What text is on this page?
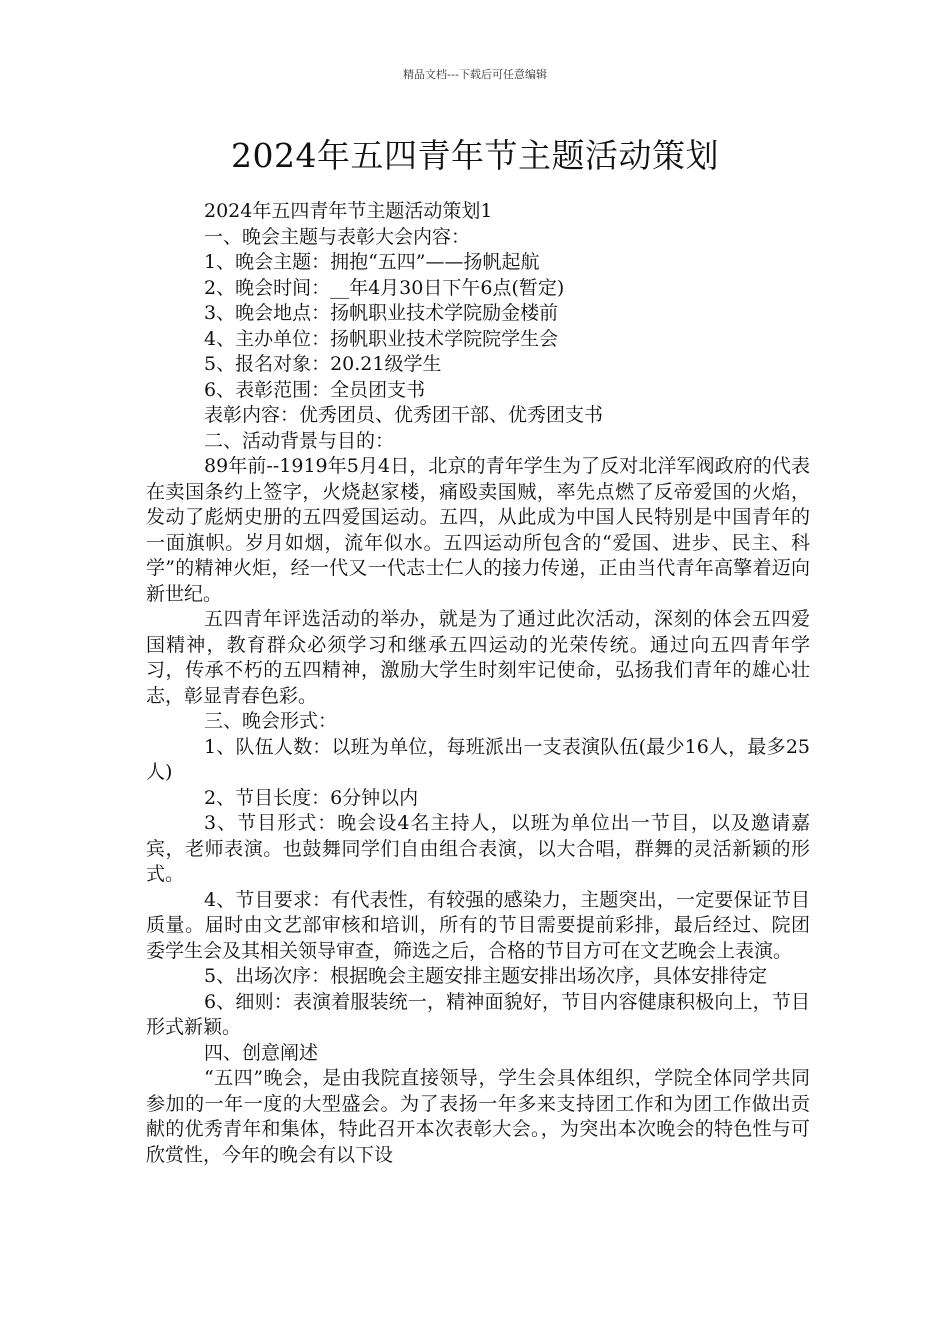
精品文档---下载后可任意编辑
2024年五四青年节主题活动策划

2024年五四青年节主题活动策划1

一、晚会主题与表彰大会内容：

1、晚会主题：拥抱“五四”——扬帆起航

2、晚会时间：__年4月30日下午6点(暂定)

3、晚会地点：扬帆职业技术学院励金楼前

4、主办单位：扬帆职业技术学院院学生会

5、报名对象：20.21级学生

6、表彰范围：全员团支书

表彰内容：优秀团员、优秀团干部、优秀团支书

二、活动背景与目的：

89年前--1919年5月4日，北京的青年学生为了反对北洋军阀政府的代表在卖国条约上签字，火烧赵家楼，痛殴卖国贼，率先点燃了反帝爱国的火焰，发动了彪炳史册的五四爱国运动。五四，从此成为中国人民特别是中国青年的一面旗帜。岁月如烟，流年似水。五四运动所包含的“爱国、进步、民主、科学”的精神火炬，经一代又一代志士仁人的接力传递，正由当代青年高擎着迈向新世纪。

五四青年评选活动的举办，就是为了通过此次活动，深刻的体会五四爱国精神，教育群众必须学习和继承五四运动的光荣传统。通过向五四青年学习，传承不朽的五四精神，激励大学生时刻牢记使命，弘扬我们青年的雄心壮志，彰显青春色彩。

三、晚会形式：

1、队伍人数：以班为单位，每班派出一支表演队伍(最少16人，最多25人)

2、节目长度：6分钟以内

3、节目形式：晚会设4名主持人，以班为单位出一节目，以及邀请嘉宾，老师表演。也鼓舞同学们自由组合表演，以大合唱，群舞的灵活新颖的形式。

4、节目要求：有代表性，有较强的感染力，主题突出，一定要保证节目质量。届时由文艺部审核和培训，所有的节目需要提前彩排，最后经过、院团委学生会及其相关领导审查，筛选之后，合格的节目方可在文艺晚会上表演。

5、出场次序：根据晚会主题安排主题安排出场次序，具体安排待定

6、细则：表演着服装统一，精神面貌好，节目内容健康积极向上，节目形式新颖。

四、创意阐述

“五四”晚会，是由我院直接领导，学生会具体组织，学院全体同学共同参加的一年一度的大型盛会。为了表扬一年多来支持团工作和为团工作做出贡献的优秀青年和集体，特此召开本次表彰大会。，为突出本次晚会的特色性与可欣赏性，今年的晚会有以下设
